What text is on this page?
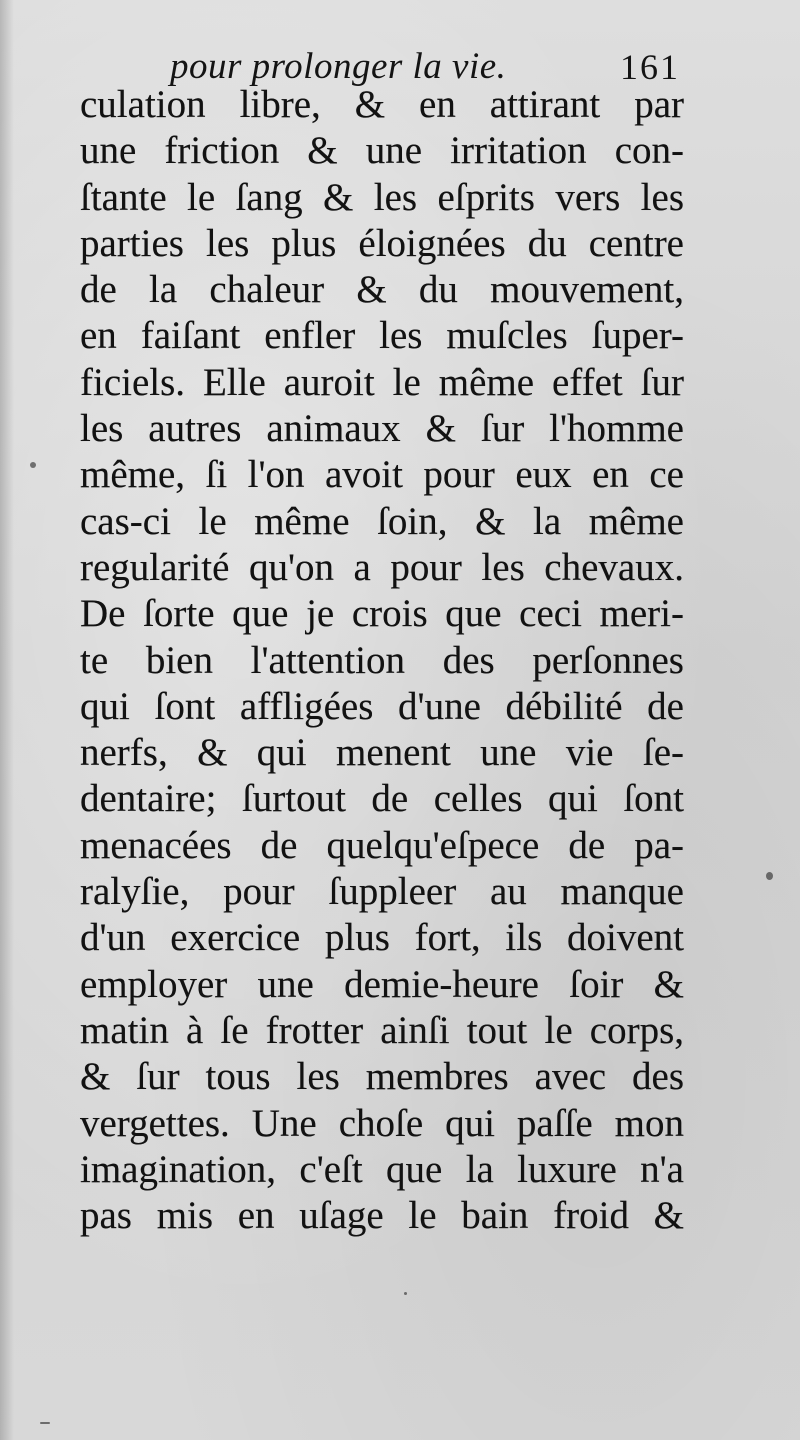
pour prolonger la vie.	161
culation libre, & en attirant par
une friction & une irritation con-
ſtante le ſang & les eſprits vers les
parties les plus éloignées du centre
de la chaleur & du mouvement,
en faiſant enfler les muſcles ſuper-
ficiels. Elle auroit le même effet ſur
les autres animaux & ſur l'homme
même, ſi l'on avoit pour eux en ce
cas-ci le même ſoin, & la même
regularité qu'on a pour les chevaux.
De ſorte que je crois que ceci meri-
te bien l'attention des perſonnes
qui ſont affligées d'une débilité de
nerfs, & qui menent une vie ſe-
dentaire; ſurtout de celles qui ſont
menacées de quelqu'eſpece de pa-
ralyſie, pour ſuppleer au manque
d'un exercice plus fort, ils doivent
employer une demie-heure ſoir &
matin à ſe frotter ainſi tout le corps,
& ſur tous les membres avec des
vergettes. Une choſe qui paſſe mon
imagination, c'eſt que la luxure n'a
pas mis en uſage le bain froid &
